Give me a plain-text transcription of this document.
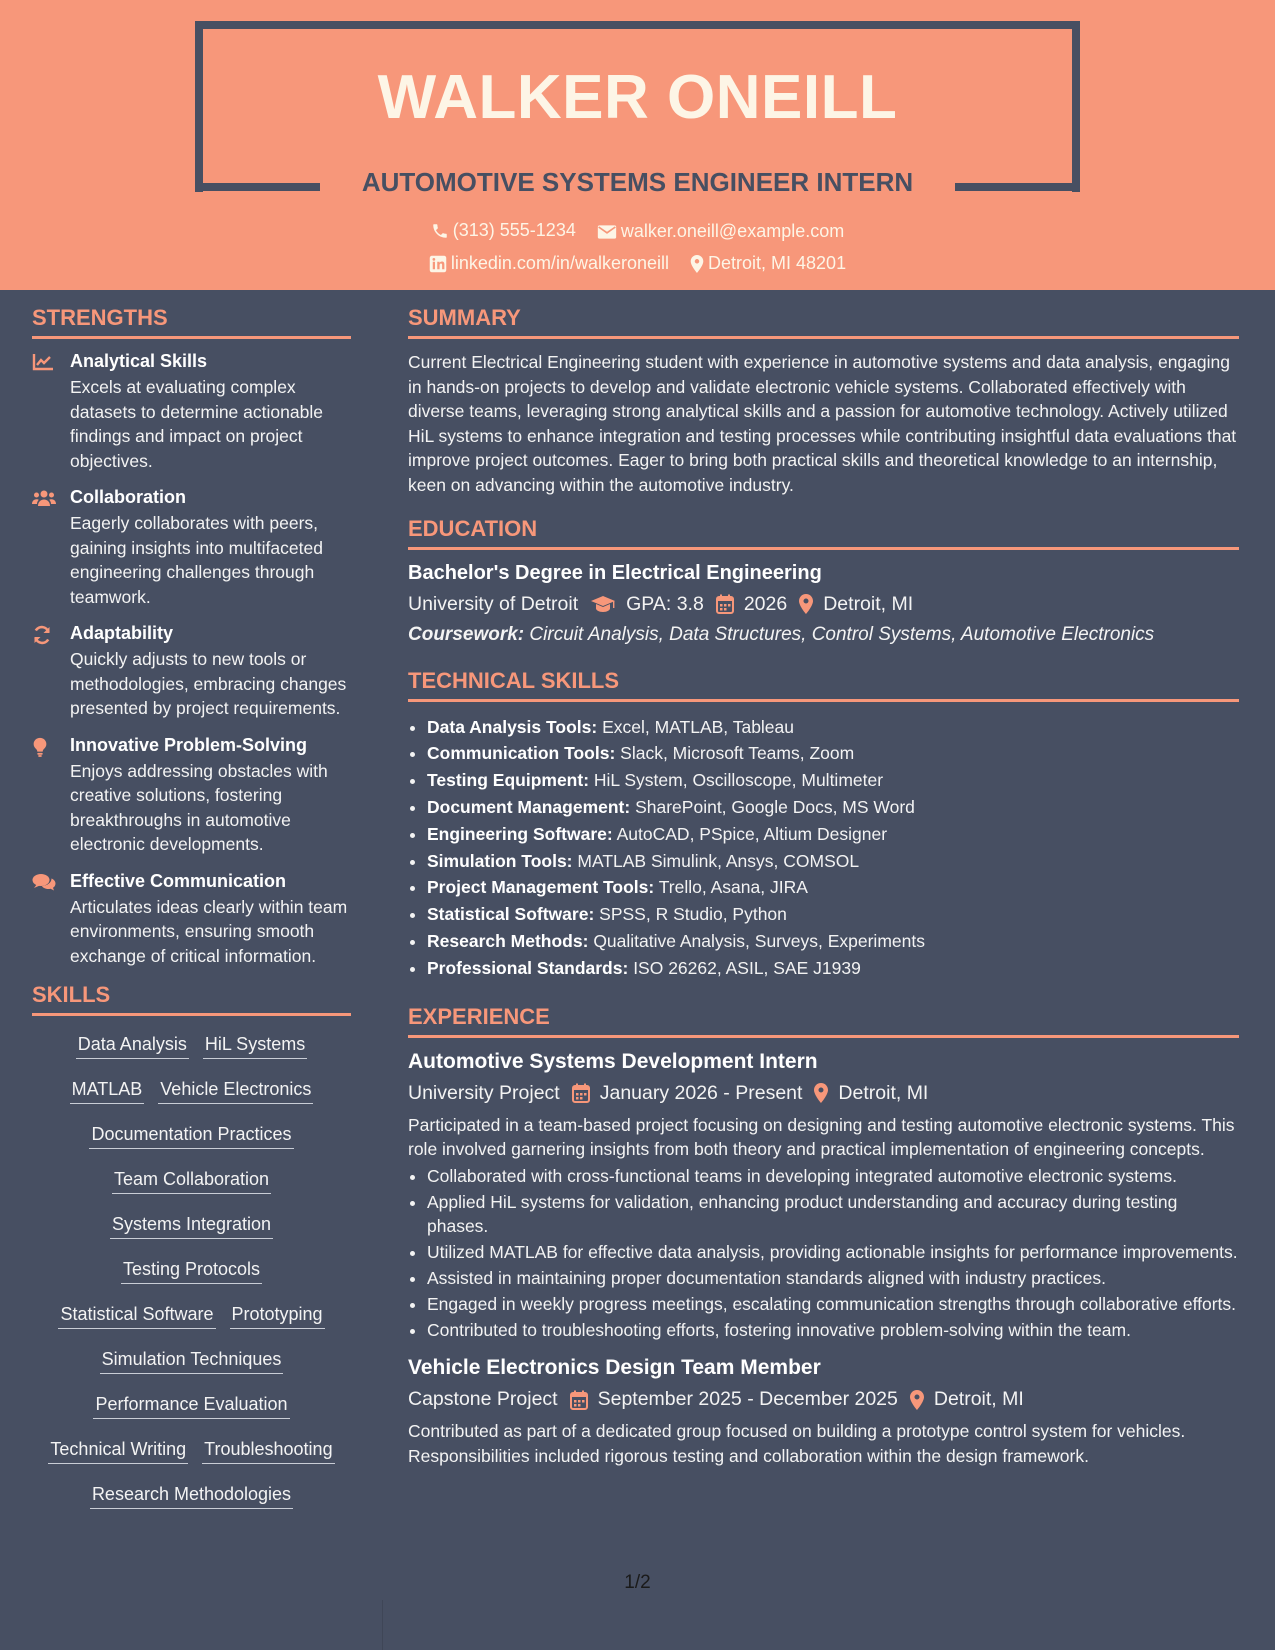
WALKER ONEILL
AUTOMOTIVE SYSTEMS ENGINEER INTERN
(313) 555-1234
	walker.oneill@example.com
linkedin.com/in/walkeroneill
Detroit, MI 48201
STRENGTHS
Analytical Skills
Excels at evaluating complex datasets to determine actionable findings and impact on project objectives.
Collaboration
Eagerly collaborates with peers, gaining insights into multifaceted engineering challenges through teamwork.
Adaptability
Quickly adjusts to new tools or methodologies, embracing changes presented by project requirements.
Innovative Problem-Solving
Enjoys addressing obstacles with creative solutions, fostering breakthroughs in automotive electronic developments.
Effective Communication
Articulates ideas clearly within team environments, ensuring smooth exchange of critical information.
SKILLS
Data Analysis HiL Systems
MATLAB Vehicle Electronics
Documentation Practices
Team Collaboration
Systems Integration
Testing Protocols
Statistical Software Prototyping
Simulation Techniques
Performance Evaluation
Technical Writing Troubleshooting
Research Methodologies
SUMMARY
Current Electrical Engineering student with experience in automotive systems and data analysis, engaging in hands-on projects to develop and validate electronic vehicle systems. Collaborated effectively with diverse teams, leveraging strong analytical skills and a passion for automotive technology. Actively utilized HiL systems to enhance integration and testing processes while contributing insightful data evaluations that improve project outcomes. Eager to bring both practical skills and theoretical knowledge to an internship, keen on advancing within the automotive industry.
EDUCATION
Bachelor's Degree in Electrical Engineering
University of Detroit GPA: 3.8 2026 Detroit, MI
Coursework: Circuit Analysis, Data Structures, Control Systems, Automotive Electronics
TECHNICAL SKILLS
• Data Analysis Tools: Excel, MATLAB, Tableau
• Communication Tools: Slack, Microsoft Teams, Zoom
• Testing Equipment: HiL System, Oscilloscope, Multimeter
• Document Management: SharePoint, Google Docs, MS Word
• Engineering Software: AutoCAD, PSpice, Altium Designer
• Simulation Tools: MATLAB Simulink, Ansys, COMSOL
• Project Management Tools: Trello, Asana, JIRA
• Statistical Software: SPSS, R Studio, Python
• Research Methods: Qualitative Analysis, Surveys, Experiments
• Professional Standards: ISO 26262, ASIL, SAE J1939
EXPERIENCE
Automotive Systems Development Intern
University Project January 2026 - Present Detroit, MI
Participated in a team-based project focusing on designing and testing automotive electronic systems. This role involved garnering insights from both theory and practical implementation of engineering concepts.
• Collaborated with cross-functional teams in developing integrated automotive electronic systems.
• Applied HiL systems for validation, enhancing product understanding and accuracy during testing phases.
• Utilized MATLAB for effective data analysis, providing actionable insights for performance improvements.
• Assisted in maintaining proper documentation standards aligned with industry practices.
• Engaged in weekly progress meetings, escalating communication strengths through collaborative efforts.
• Contributed to troubleshooting efforts, fostering innovative problem-solving within the team.
Vehicle Electronics Design Team Member
Capstone Project September 2025 - December 2025 Detroit, MI
Contributed as part of a dedicated group focused on building a prototype control system for vehicles. Responsibilities included rigorous testing and collaboration within the design framework.
1/2
